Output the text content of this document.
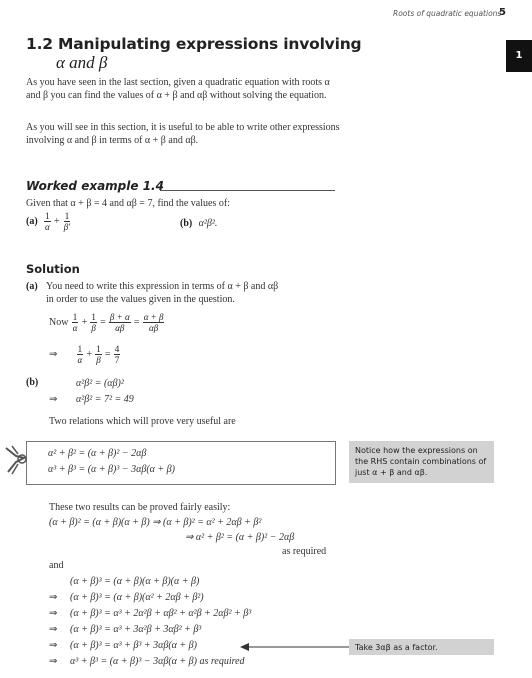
Roots of quadratic equations
5
1
1.2 Manipulating expressions involving
α and β
As you have seen in the last section, given a quadratic equation with roots α and β you can find the values of α + β and αβ without solving the equation.
As you will see in this section, it is useful to be able to write other expressions involving α and β in terms of α + β and αβ.
Worked example 1.4
Given that α + β = 4 and αβ = 7, find the values of:
$(a) \frac{1}{\alpha} + \frac{1}{\beta'}$	(b) α²β².
Solution
(a) You need to write this expression in terms of α + β and αβ
in order to use the values given in the question.
Now $\frac{1}{\alpha} + \frac{1}{\beta} = \frac{\beta + \alpha}{\alpha\beta} = \frac{\alpha + \beta}{\alpha\beta}$
⇒ $\frac{1}{\alpha} + \frac{1}{\beta} = \frac{4}{7}$
(b)	α²β² = (αβ)²
⇒ α²β² = 7² = 49
Two relations which will prove very useful are
α² + β² = (α + β)² − 2αβ
α³ + β³ = (α + β)³ − 3αβ(α + β)
Notice how the expressions on the RHS contain combinations of just α + β and αβ.
These two results can be proved fairly easily:
(α + β)² = (α + β)(α + β) ⇒ (α + β)² = α² + 2αβ + β²
⇒ α² + β² = (α + β)² − 2αβ
as required
and
(α + β)³ = (α + β)(α + β)(α + β)
⇒ (α + β)³ = (α + β)(α² + 2αβ + β²)
⇒ (α + β)³ = α³ + 2α²β + αβ² + α²β + 2αβ² + β³
⇒ (α + β)³ = α³ + 3α²β + 3αβ² + β³
⇒ (α + β)³ = α³ + β³ + 3αβ(α + β)
⇒ α³ + β³ = (α + β)³ − 3αβ(α + β) as required
Take 3αβ as a factor.
